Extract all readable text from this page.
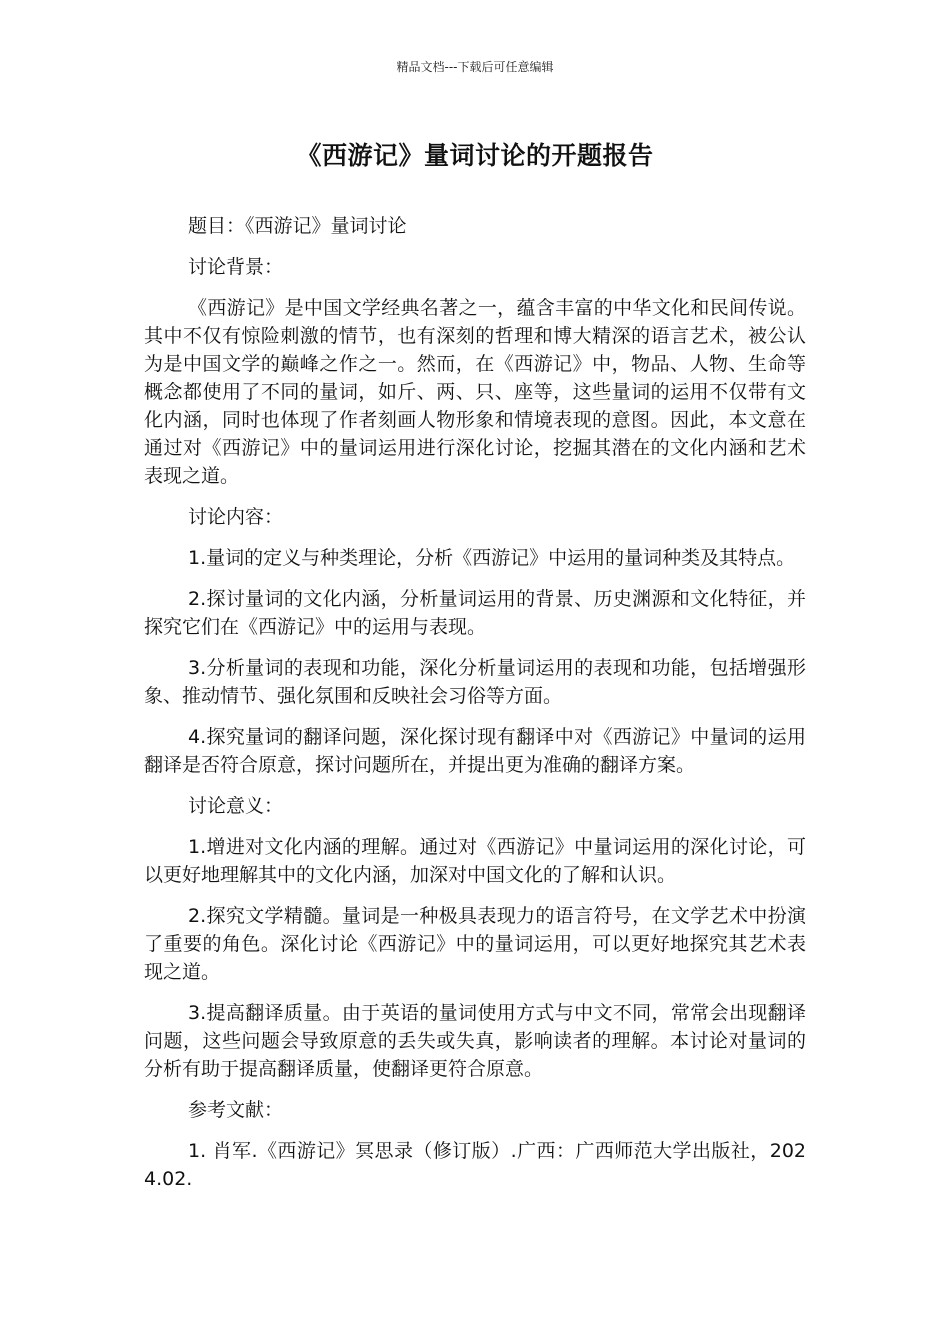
精品文档---下载后可任意编辑
《西游记》量词讨论的开题报告

题目：《西游记》量词讨论

讨论背景：

《西游记》是中国文学经典名著之一，蕴含丰富的中华文化和民间传说。其中不仅有惊险刺激的情节，也有深刻的哲理和博大精深的语言艺术，被公认为是中国文学的巅峰之作之一。然而，在《西游记》中，物品、人物、生命等概念都使用了不同的量词，如斤、两、只、座等，这些量词的运用不仅带有文化内涵，同时也体现了作者刻画人物形象和情境表现的意图。因此，本文意在通过对《西游记》中的量词运用进行深化讨论，挖掘其潜在的文化内涵和艺术表现之道。

讨论内容：

1.量词的定义与种类理论，分析《西游记》中运用的量词种类及其特点。

2.探讨量词的文化内涵，分析量词运用的背景、历史渊源和文化特征，并探究它们在《西游记》中的运用与表现。

3.分析量词的表现和功能，深化分析量词运用的表现和功能，包括增强形象、推动情节、强化氛围和反映社会习俗等方面。

4.探究量词的翻译问题，深化探讨现有翻译中对《西游记》中量词的运用翻译是否符合原意，探讨问题所在，并提出更为准确的翻译方案。

讨论意义：

1.增进对文化内涵的理解。通过对《西游记》中量词运用的深化讨论，可以更好地理解其中的文化内涵，加深对中国文化的了解和认识。

2.探究文学精髓。量词是一种极具表现力的语言符号，在文学艺术中扮演了重要的角色。深化讨论《西游记》中的量词运用，可以更好地探究其艺术表现之道。

3.提高翻译质量。由于英语的量词使用方式与中文不同，常常会出现翻译问题，这些问题会导致原意的丢失或失真，影响读者的理解。本讨论对量词的分析有助于提高翻译质量，使翻译更符合原意。

参考文献：

1. 肖军.《西游记》冥思录（修订版）.广西：广西师范大学出版社，2024.02.
